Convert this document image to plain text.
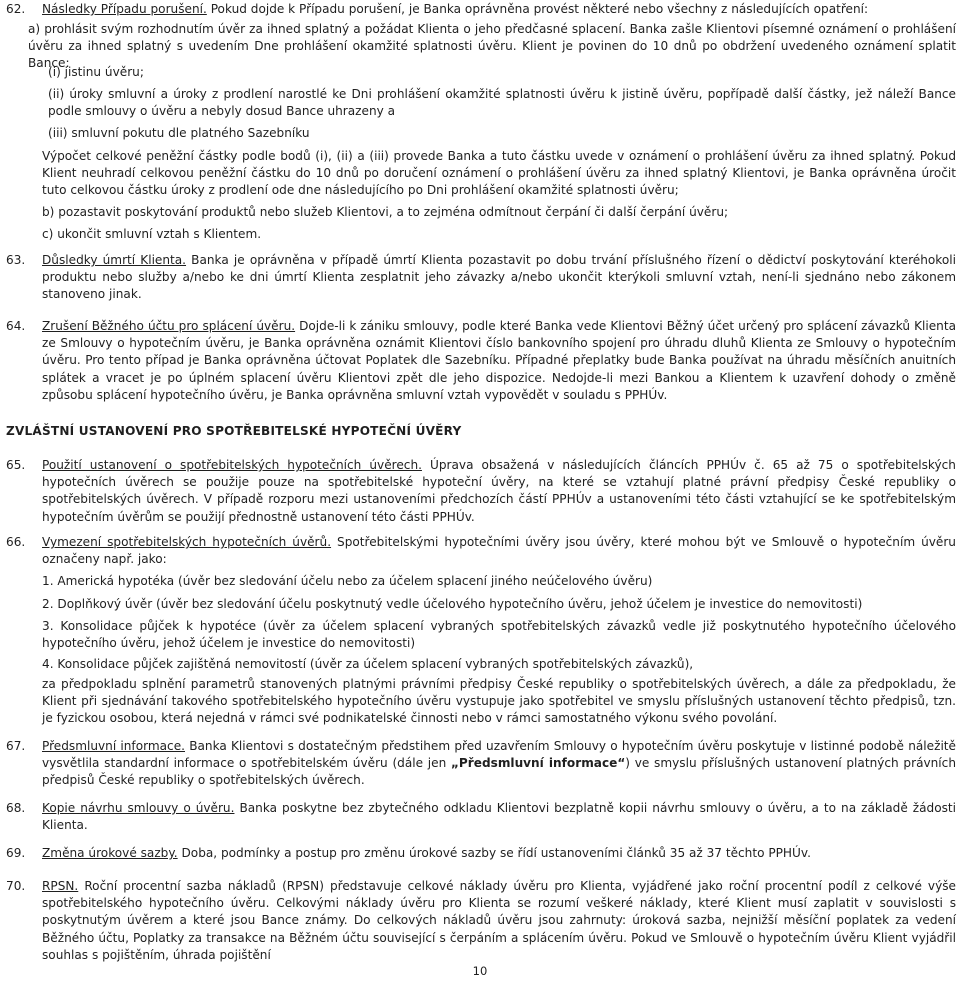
62.	Následky Případu porušení. Pokud dojde k Případu porušení, je Banka oprávněna provést některé nebo všechny z následujících opatření:
a) prohlásit svým rozhodnutím úvěr za ihned splatný a požádat Klienta o jeho předčasné splacení. Banka zašle Klientovi písemné oznámení o prohlášení úvěru za ihned splatný s uvedením Dne prohlášení okamžité splatnosti úvěru. Klient je povinen do 10 dnů po obdržení uvedeného oznámení splatit Bance:
(i) jistinu úvěru;
(ii) úroky smluvní a úroky z prodlení narostlé ke Dni prohlášení okamžité splatnosti úvěru k jistině úvěru, popřípadě další částky, jež náleží Bance podle smlouvy o úvěru a nebyly dosud Bance uhrazeny a
(iii) smluvní pokutu dle platného Sazebníku
Výpočet celkové peněžní částky podle bodů (i), (ii) a (iii) provede Banka a tuto částku uvede v oznámení o prohlášení úvěru za ihned splatný. Pokud Klient neuhradí celkovou peněžní částku do 10 dnů po doručení oznámení o prohlášení úvěru za ihned splatný Klientovi, je Banka oprávněna úročit tuto celkovou částku úroky z prodlení ode dne následujícího po Dni prohlášení okamžité splatnosti úvěru;
b) pozastavit poskytování produktů nebo služeb Klientovi, a to zejména odmítnout čerpání či další čerpání úvěru;
c) ukončit smluvní vztah s Klientem.
63.	Důsledky úmrtí Klienta. Banka je oprávněna v případě úmrtí Klienta pozastavit po dobu trvání příslušného řízení o dědictví poskytování kteréhokoli produktu nebo služby a/nebo ke dni úmrtí Klienta zesplatnit jeho závazky a/nebo ukončit kterýkoli smluvní vztah, není-li sjednáno nebo zákonem stanoveno jinak.
64.	Zrušení Běžného účtu pro splácení úvěru. Dojde-li k zániku smlouvy, podle které Banka vede Klientovi Běžný účet určený pro splácení závazků Klienta ze Smlouvy o hypotečním úvěru, je Banka oprávněna oznámit Klientovi číslo bankovního spojení pro úhradu dluhů Klienta ze Smlouvy o hypotečním úvěru. Pro tento případ je Banka oprávněna účtovat Poplatek dle Sazebníku. Případné přeplatky bude Banka používat na úhradu měsíčních anuitních splátek a vracet je po úplném splacení úvěru Klientovi zpět dle jeho dispozice. Nedojde-li mezi Bankou a Klientem k uzavření dohody o změně způsobu splácení hypotečního úvěru, je Banka oprávněna smluvní vztah vypovědět v souladu s PPHÚv.
ZVLÁŠTNÍ USTANOVENÍ PRO SPOTŘEBITELSKÉ HYPOTEČNÍ ÚVĚRY
65.	Použití ustanovení o spotřebitelských hypotečních úvěrech. Úprava obsažená v následujících článcích PPHÚv č. 65 až 75 o spotřebitelských hypotečních úvěrech se použije pouze na spotřebitelské hypoteční úvěry, na které se vztahují platné právní předpisy České republiky o spotřebitelských úvěrech. V případě rozporu mezi ustanoveními předchozích částí PPHÚv a ustanoveními této části vztahující se ke spotřebitelským hypotečním úvěrům se použijí přednostně ustanovení této části PPHÚv.
66.	Vymezení spotřebitelských hypotečních úvěrů. Spotřebitelskými hypotečními úvěry jsou úvěry, které mohou být ve Smlouvě o hypotečním úvěru označeny např. jako:
1. Americká hypotéka (úvěr bez sledování účelu nebo za účelem splacení jiného neúčelového úvěru)
2. Doplňkový úvěr (úvěr bez sledování účelu poskytnutý vedle účelového hypotečního úvěru, jehož účelem je investice do nemovitosti)
3. Konsolidace půjček k hypotéce (úvěr za účelem splacení vybraných spotřebitelských závazků vedle již poskytnutého hypotečního účelového hypotečního úvěru, jehož účelem je investice do nemovitosti)
4. Konsolidace půjček zajištěná nemovitostí (úvěr za účelem splacení vybraných spotřebitelských závazků),
za předpokladu splnění parametrů stanovených platnými právními předpisy České republiky o spotřebitelských úvěrech, a dále za předpokladu, že Klient při sjednávání takového spotřebitelského hypotečního úvěru vystupuje jako spotřebitel ve smyslu příslušných ustanovení těchto předpisů, tzn. je fyzickou osobou, která nejedná v rámci své podnikatelské činnosti nebo v rámci samostatného výkonu svého povolání.
67.	Předsmluvní informace. Banka Klientovi s dostatečným předstihem před uzavřením Smlouvy o hypotečním úvěru poskytuje v listinné podobě náležitě vysvětlila standardní informace o spotřebitelském úvěru (dále jen „Předsmluvní informace“) ve smyslu příslušných ustanovení platných právních předpisů České republiky o spotřebitelských úvěrech.
68.	Kopie návrhu smlouvy o úvěru. Banka poskytne bez zbytečného odkladu Klientovi bezplatně kopii návrhu smlouvy o úvěru, a to na základě žádosti Klienta.
69.	Změna úrokové sazby. Doba, podmínky a postup pro změnu úrokové sazby se řídí ustanoveními článků 35 až 37 těchto PPHÚv.
70.	RPSN. Roční procentní sazba nákladů (RPSN) představuje celkové náklady úvěru pro Klienta, vyjádřené jako roční procentní podíl z celkové výše spotřebitelského hypotečního úvěru. Celkovými náklady úvěru pro Klienta se rozumí veškeré náklady, které Klient musí zaplatit v souvislosti s poskytnutým úvěrem a které jsou Bance známy. Do celkových nákladů úvěru jsou zahrnuty: úroková sazba, nejnižší měsíční poplatek za vedení Běžného účtu, Poplatky za transakce na Běžném účtu související s čerpáním a splácením úvěru. Pokud ve Smlouvě o hypotečním úvěru Klient vyjádřil souhlas s pojištěním, úhrada pojištění
10
